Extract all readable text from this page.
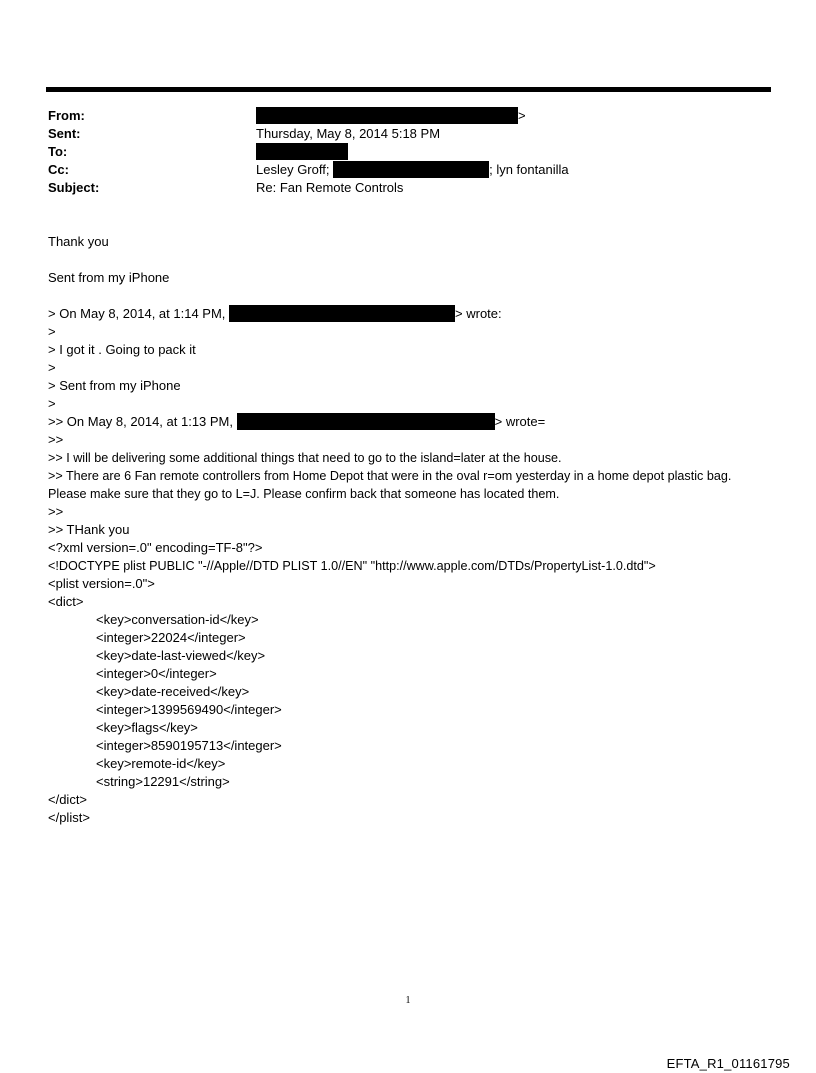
From:	>
Sent:	Thursday, May 8, 2014 5:18 PM
To:
Cc:	Lesley Groff;	; lyn fontanilla
Subject:	Re: Fan Remote Controls
Thank you
Sent from my iPhone
> On May 8, 2014, at 1:14 PM,	> wrote:
>
> I got it . Going to pack it
>
> Sent from my iPhone
>
>> On May 8, 2014, at 1:13 PM,	> wrote=
>>
>> I will be delivering some additional things that need to go to the island=later at the house.
>> There are 6 Fan remote controllers from Home Depot that were in the oval r=om yesterday in a home depot plastic bag. Please make sure that they go to L=J. Please confirm back that someone has located them.
>>
>> THank you
<?xml version=.0" encoding=TF-8"?>
<!DOCTYPE plist PUBLIC "-//Apple//DTD PLIST 1.0//EN" "http://www.apple.com/DTDs/PropertyList-1.0.dtd">
<plist version=.0">
<dict>
<key>conversation-id</key>
<integer>22024</integer>
<key>date-last-viewed</key>
<integer>0</integer>
<key>date-received</key>
<integer>1399569490</integer>
<key>flags</key>
<integer>8590195713</integer>
<key>remote-id</key>
<string>12291</string>
</dict>
</plist>
1
EFTA_R1_01161795
